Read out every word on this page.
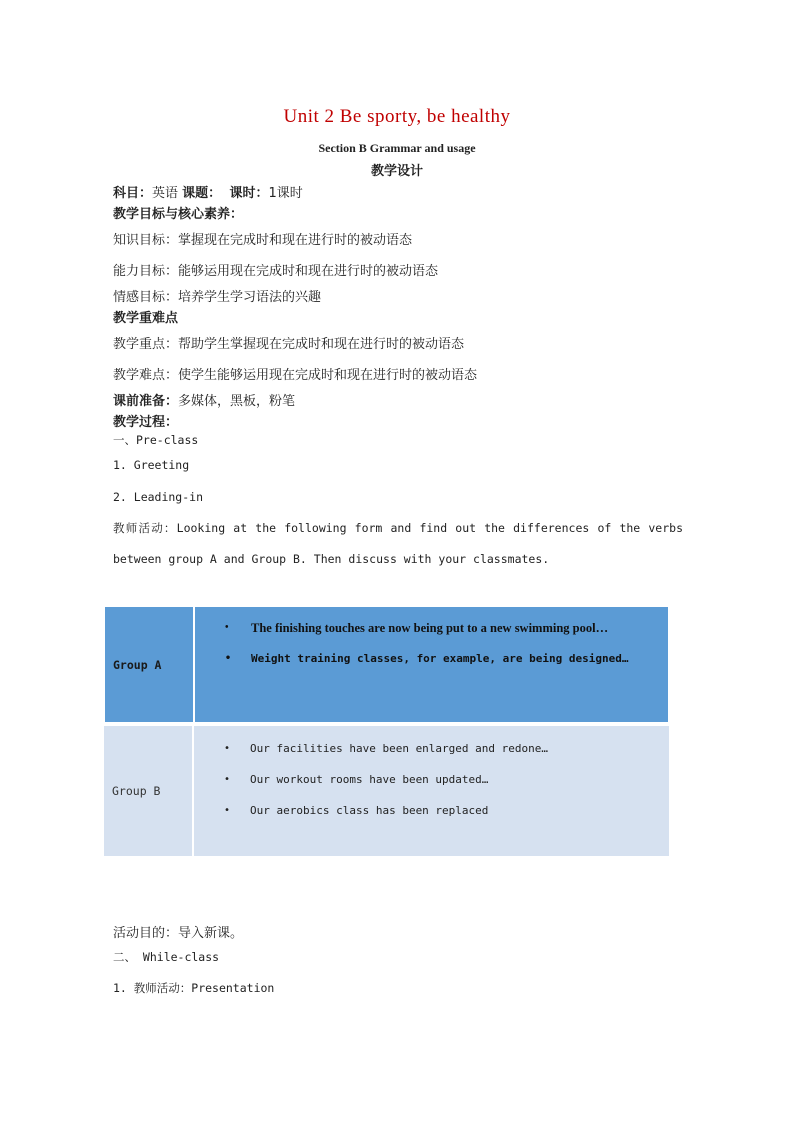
Unit 2 Be sporty, be healthy
Section B Grammar and usage
教学设计
科目：英语 课题： 课时：1课时
教学目标与核心素养：
知识目标：掌握现在完成时和现在进行时的被动语态
能力目标：能够运用现在完成时和现在进行时的被动语态
情感目标：培养学生学习语法的兴趣
教学重难点
教学重点：帮助学生掌握现在完成时和现在进行时的被动语态
教学难点：使学生能够运用现在完成时和现在进行时的被动语态
课前准备：多媒体，黑板，粉笔
教学过程：
一、Pre-class
1. Greeting
2. Leading-in
教师活动：Looking at the following form and find out the differences of the verbs between group A and Group B. Then discuss with your classmates.
Group A
• The finishing touches are now being put to a new swimming pool…
• Weight training classes, for example, are being designed…
Group B
• Our facilities have been enlarged and redone…
• Our workout rooms have been updated…
• Our aerobics class has been replaced
活动目的：导入新课。
二、 While-class
1. 教师活动：Presentation
